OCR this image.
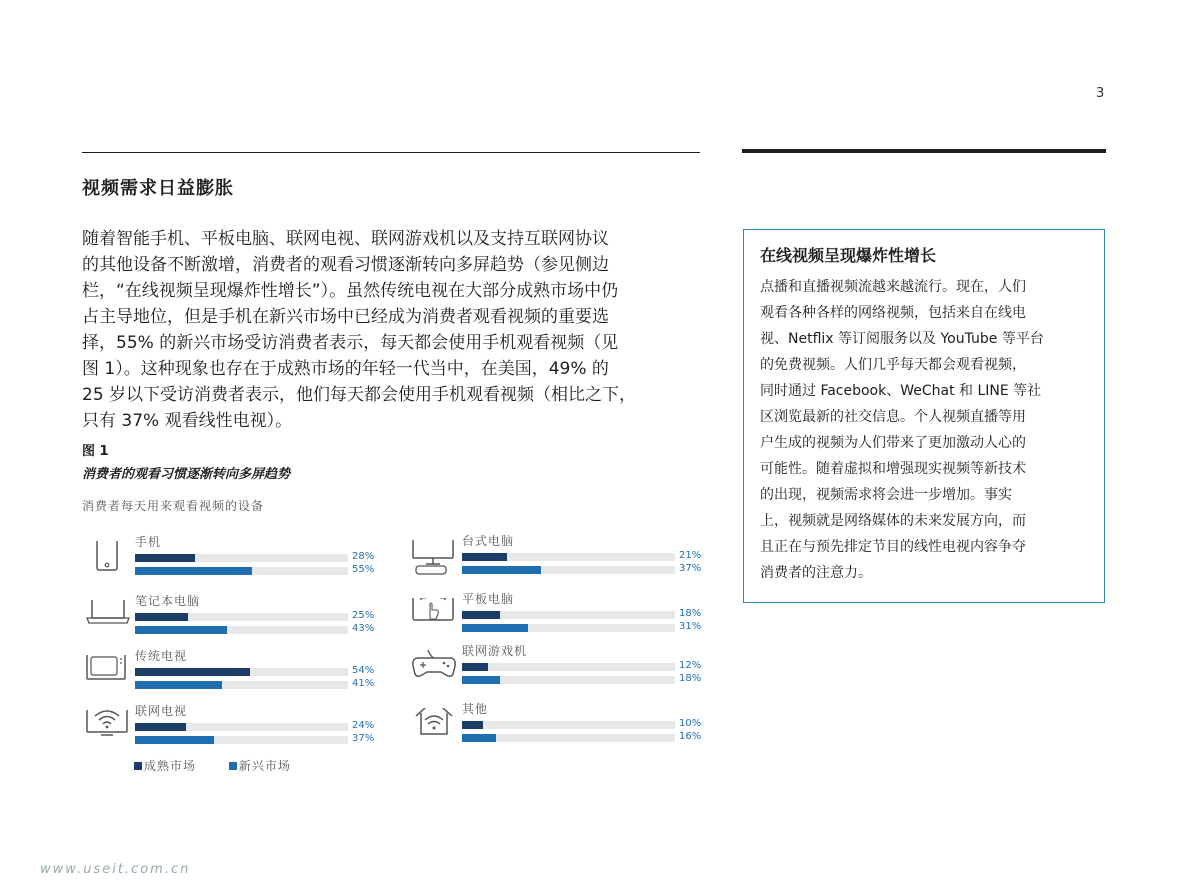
3
视频需求日益膨胀
随着智能手机、平板电脑、联网电视、联网游戏机以及支持互联网协议
的其他设备不断激增，消费者的观看习惯逐渐转向多屏趋势（参见侧边
栏，“在线视频呈现爆炸性增长”）。虽然传统电视在大部分成熟市场中仍
占主导地位，但是手机在新兴市场中已经成为消费者观看视频的重要选
择，55% 的新兴市场受访消费者表示，每天都会使用手机观看视频（见
图 1）。这种现象也存在于成熟市场的年轻一代当中，在美国，49% 的
25 岁以下受访消费者表示，他们每天都会使用手机观看视频（相比之下，
只有 37% 观看线性电视）。
图 1
消费者的观看习惯逐渐转向多屏趋势
消费者每天用来观看视频的设备
手机
28%
55%
台式电脑
21%
37%
笔记本电脑
25%
43%
平板电脑
18%
31%
传统电视
54%
41%
联网游戏机
12%
18%
联网电视
24%
37%
其他
10%
16%
成熟市场	新兴市场
在线视频呈现爆炸性增长
点播和直播视频流越来越流行。现在，人们
观看各种各样的网络视频，包括来自在线电
视、Netflix 等订阅服务以及 YouTube 等平台
的免费视频。人们几乎每天都会观看视频，
同时通过 Facebook、WeChat 和 LINE 等社
区浏览最新的社交信息。个人视频直播等用
户生成的视频为人们带来了更加激动人心的
可能性。随着虚拟和增强现实视频等新技术
的出现，视频需求将会进一步增加。事实
上，视频就是网络媒体的未来发展方向，而
且正在与预先排定节目的线性电视内容争夺
消费者的注意力。
www.useit.com.cn
